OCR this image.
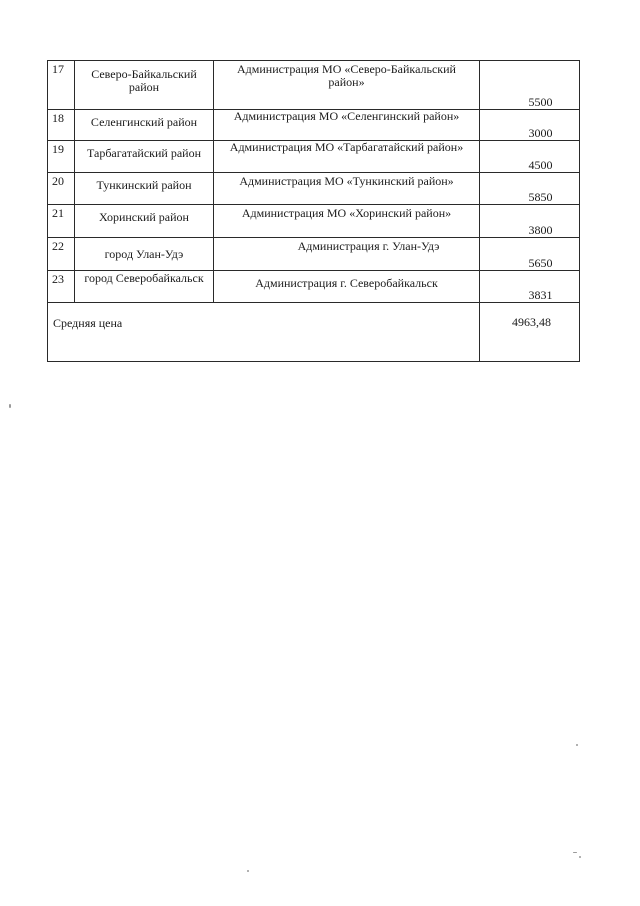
17	Северо-Байкальский район	Администрация МО «Северо-Байкальский район»	5500

18	Селенгинский район	Администрация МО «Селенгинский район»	3000

19	Тарбагатайский район	Администрация МО «Тарбагатайский район»	4500

20	Тункинский район	Администрация МО «Тункинский район»	5850

21	Хоринский район	Администрация МО «Хоринский район»	3800

22	город Улан-Удэ	Администрация г. Улан-Удэ	5650

23	город Северобайкальск	Администрация г. Северобайкальск	3831

Средняя цена			4963,48
